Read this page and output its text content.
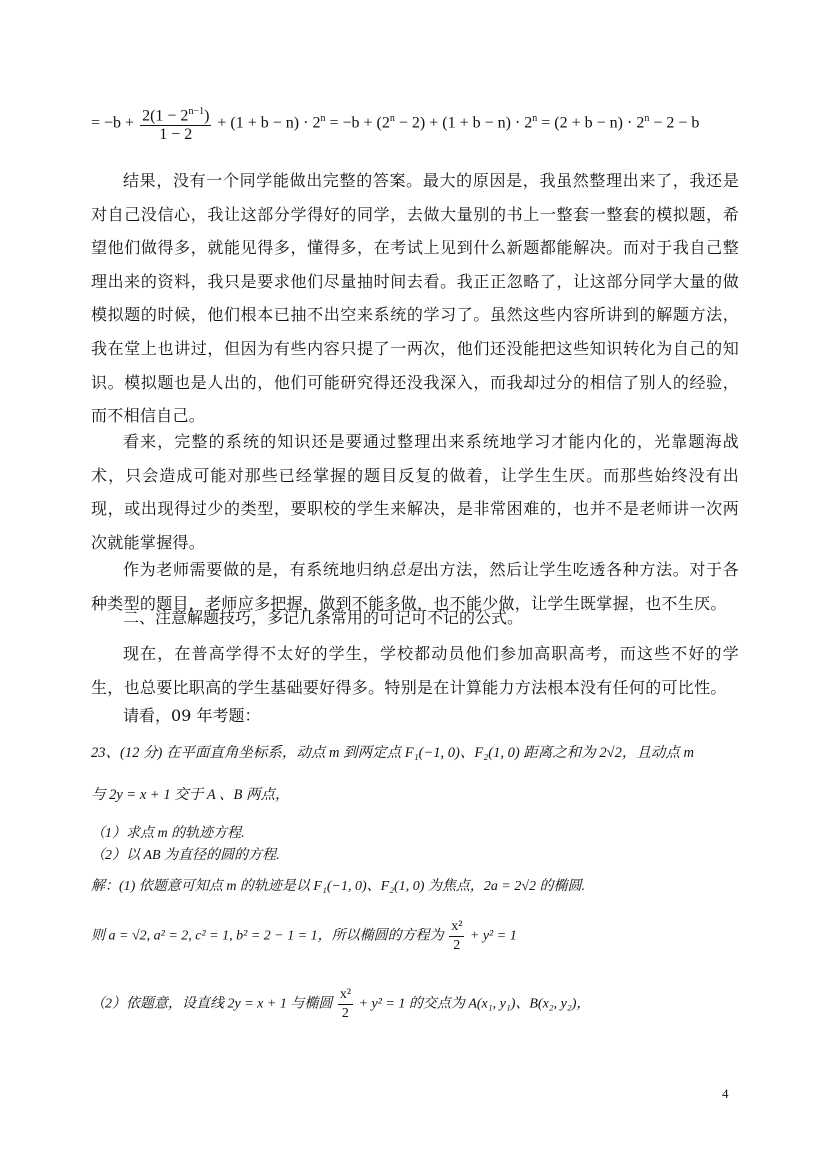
= $-b + \frac{2(1 - 2^{n-1})}{1 - 2} + (1 + b - n) \cdot 2^n = -b + (2^n - 2) + (1 + b - n) \cdot 2^n = (2 + b - n) \cdot 2^n - 2 - b$
结果，没有一个同学能做出完整的答案。最大的原因是，我虽然整理出来了，我还是对自己没信心，我让这部分学得好的同学，去做大量别的书上一整套一整套的模拟题，希望他们做得多，就能见得多，懂得多，在考试上见到什么新题都能解决。而对于我自己整理出来的资料，我只是要求他们尽量抽时间去看。我正正忽略了，让这部分同学大量的做模拟题的时候，他们根本已抽不出空来系统的学习了。虽然这些内容所讲到的解题方法，我在堂上也讲过，但因为有些内容只提了一两次，他们还没能把这些知识转化为自己的知识。模拟题也是人出的，他们可能研究得还没我深入，而我却过分的相信了别人的经验，而不相信自己。
看来，完整的系统的知识还是要通过整理出来系统地学习才能内化的，光靠题海战术，只会造成可能对那些已经掌握的题目反复的做着，让学生生厌。而那些始终没有出现，或出现得过少的类型，要职校的学生来解决，是非常困难的，也并不是老师讲一次两次就能掌握得。
作为老师需要做的是，有系统地归纳总是出方法，然后让学生吃透各种方法。对于各种类型的题目，老师应多把握，做到不能多做，也不能少做，让学生既掌握，也不生厌。
二、注意解题技巧，多记几条常用的可记可不记的公式。
现在，在普高学得不太好的学生，学校都动员他们参加高职高考，而这些不好的学生，也总要比职高的学生基础要好得多。特别是在计算能力方法根本没有任何的可比性。
请看，09 年考题：
23、(12 分) 在平面直角坐标系，动点 m 到两定点 F₁(−1, 0)、F₂(1, 0) 距离之和为 2√2，且动点 m
与 2y = x + 1 交于 A 、B 两点，
（1）求点 m 的轨迹方程.
（2）以 AB 为直径的圆的方程.
解：(1) 依题意可知点 m 的轨迹是以 F₁(−1, 0)、F₂(1, 0) 为焦点，2a = 2√2 的椭圆.
则 a = √2, a² = 2, c² = 1, b² = 2 − 1 = 1，所以椭圆的方程为 $\frac{\text{x²}}{2} + y^2 = 1$
（2）依题意，设直线 2y = x + 1 与椭圆 $\frac{\text{x²}}{2} + y^2 = 1$ 的交点为 A(x₁, y₁)、B(x₂, y₂)，
4
